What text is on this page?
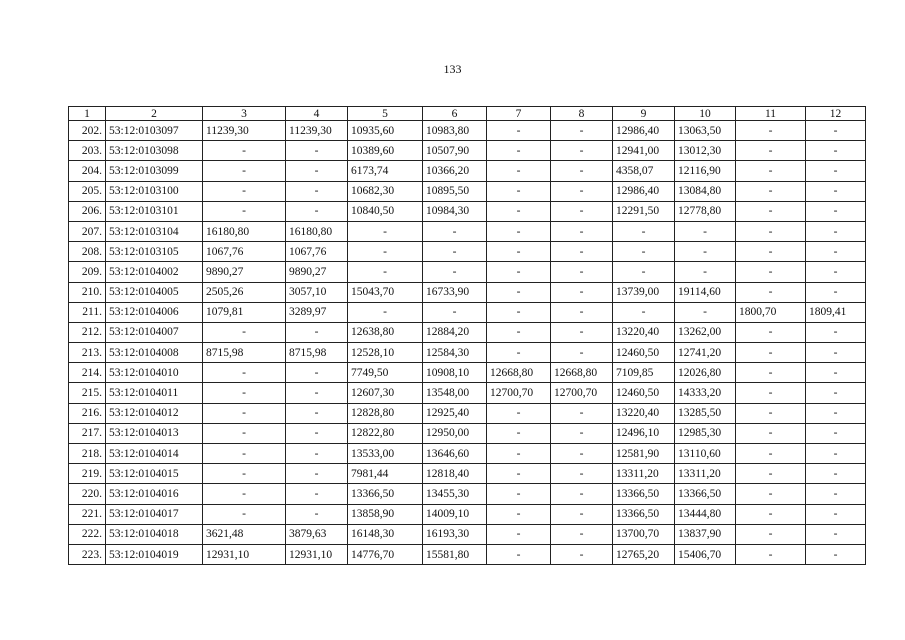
133
1	2	3	4	5	6	7	8	9	10	11	12
202.	53:12:0103097	11239,30	11239,30	10935,60	10983,80	-	-	12986,40	13063,50	-	-
203.	53:12:0103098	-	-	10389,60	10507,90	-	-	12941,00	13012,30	-	-
204.	53:12:0103099	-	-	6173,74	10366,20	-	-	4358,07	12116,90	-	-
205.	53:12:0103100	-	-	10682,30	10895,50	-	-	12986,40	13084,80	-	-
206.	53:12:0103101	-	-	10840,50	10984,30	-	-	12291,50	12778,80	-	-
207.	53:12:0103104	16180,80	16180,80	-	-	-	-	-	-	-	-
208.	53:12:0103105	1067,76	1067,76	-	-	-	-	-	-	-	-
209.	53:12:0104002	9890,27	9890,27	-	-	-	-	-	-	-	-
210.	53:12:0104005	2505,26	3057,10	15043,70	16733,90	-	-	13739,00	19114,60	-	-
211.	53:12:0104006	1079,81	3289,97	-	-	-	-	-	-	1800,70	1809,41
212.	53:12:0104007	-	-	12638,80	12884,20	-	-	13220,40	13262,00	-	-
213.	53:12:0104008	8715,98	8715,98	12528,10	12584,30	-	-	12460,50	12741,20	-	-
214.	53:12:0104010	-	-	7749,50	10908,10	12668,80	12668,80	7109,85	12026,80	-	-
215.	53:12:0104011	-	-	12607,30	13548,00	12700,70	12700,70	12460,50	14333,20	-	-
216.	53:12:0104012	-	-	12828,80	12925,40	-	-	13220,40	13285,50	-	-
217.	53:12:0104013	-	-	12822,80	12950,00	-	-	12496,10	12985,30	-	-
218.	53:12:0104014	-	-	13533,00	13646,60	-	-	12581,90	13110,60	-	-
219.	53:12:0104015	-	-	7981,44	12818,40	-	-	13311,20	13311,20	-	-
220.	53:12:0104016	-	-	13366,50	13455,30	-	-	13366,50	13366,50	-	-
221.	53:12:0104017	-	-	13858,90	14009,10	-	-	13366,50	13444,80	-	-
222.	53:12:0104018	3621,48	3879,63	16148,30	16193,30	-	-	13700,70	13837,90	-	-
223.	53:12:0104019	12931,10	12931,10	14776,70	15581,80	-	-	12765,20	15406,70	-	-
